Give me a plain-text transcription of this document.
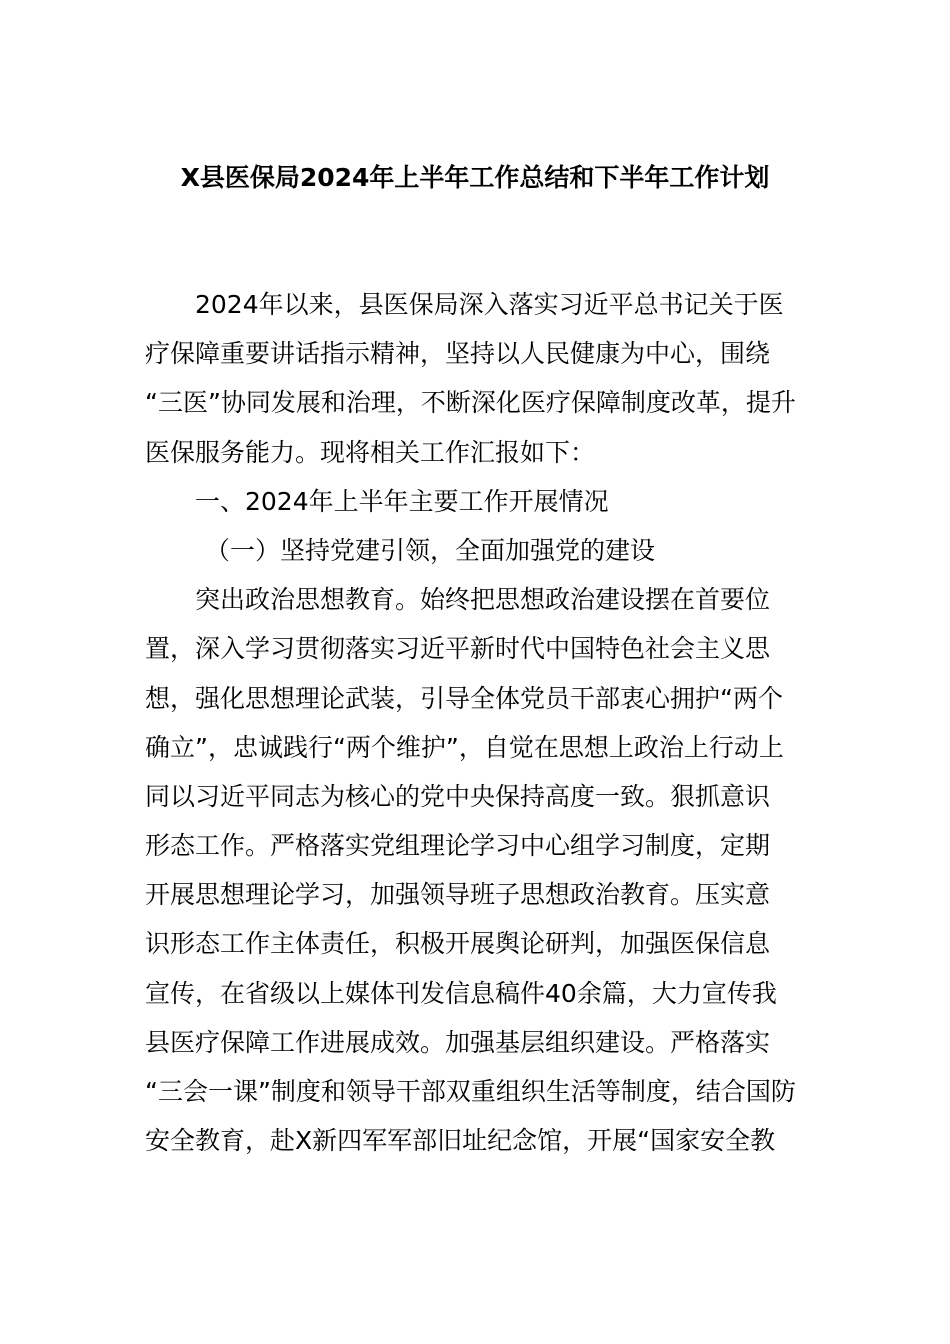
X县医保局2024年上半年工作总结和下半年工作计划
2024年以来，县医保局深入落实习近平总书记关于医
疗保障重要讲话指示精神，坚持以人民健康为中心，围绕
“三医”协同发展和治理，不断深化医疗保障制度改革，提升
医保服务能力。现将相关工作汇报如下：
一、2024年上半年主要工作开展情况
（一）坚持党建引领，全面加强党的建设
突出政治思想教育。始终把思想政治建设摆在首要位
置，深入学习贯彻落实习近平新时代中国特色社会主义思
想，强化思想理论武装，引导全体党员干部衷心拥护“两个
确立”，忠诚践行“两个维护”，自觉在思想上政治上行动上
同以习近平同志为核心的党中央保持高度一致。狠抓意识
形态工作。严格落实党组理论学习中心组学习制度，定期
开展思想理论学习，加强领导班子思想政治教育。压实意
识形态工作主体责任，积极开展舆论研判，加强医保信息
宣传，在省级以上媒体刊发信息稿件40余篇，大力宣传我
县医疗保障工作进展成效。加强基层组织建设。严格落实
“三会一课”制度和领导干部双重组织生活等制度，结合国防
安全教育，赴X新四军军部旧址纪念馆，开展“国家安全教
